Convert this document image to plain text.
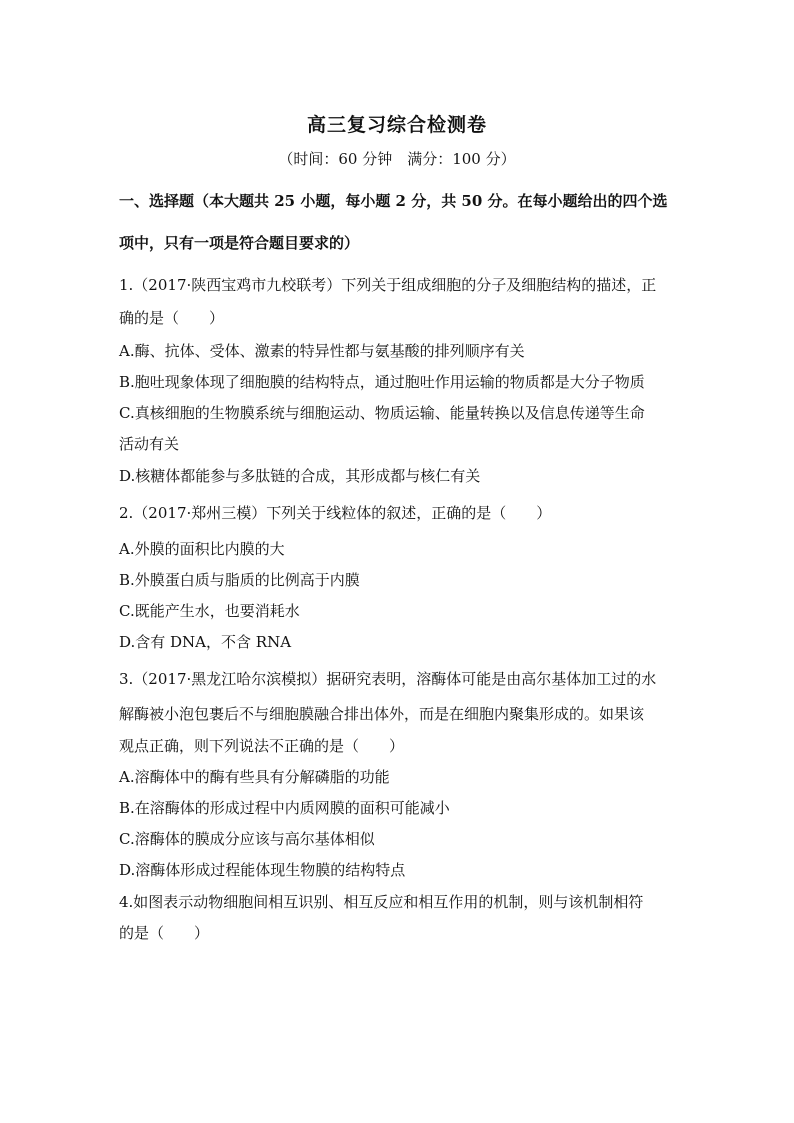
高三复习综合检测卷
（时间：60 分钟　满分：100 分）
一、选择题（本大题共 25 小题，每小题 2 分，共 50 分。在每小题给出的四个选
项中，只有一项是符合题目要求的）
1.（2017·陕西宝鸡市九校联考）下列关于组成细胞的分子及细胞结构的描述，正
确的是（　　）
A.酶、抗体、受体、激素的特异性都与氨基酸的排列顺序有关
B.胞吐现象体现了细胞膜的结构特点，通过胞吐作用运输的物质都是大分子物质
C.真核细胞的生物膜系统与细胞运动、物质运输、能量转换以及信息传递等生命
活动有关
D.核糖体都能参与多肽链的合成，其形成都与核仁有关
2.（2017·郑州三模）下列关于线粒体的叙述，正确的是（　　）
A.外膜的面积比内膜的大
B.外膜蛋白质与脂质的比例高于内膜
C.既能产生水，也要消耗水
D.含有 DNA，不含 RNA
3.（2017·黑龙江哈尔滨模拟）据研究表明，溶酶体可能是由高尔基体加工过的水
解酶被小泡包裹后不与细胞膜融合排出体外，而是在细胞内聚集形成的。如果该
观点正确，则下列说法不正确的是（　　）
A.溶酶体中的酶有些具有分解磷脂的功能
B.在溶酶体的形成过程中内质网膜的面积可能减小
C.溶酶体的膜成分应该与高尔基体相似
D.溶酶体形成过程能体现生物膜的结构特点
4.如图表示动物细胞间相互识别、相互反应和相互作用的机制，则与该机制相符
的是（　　）
